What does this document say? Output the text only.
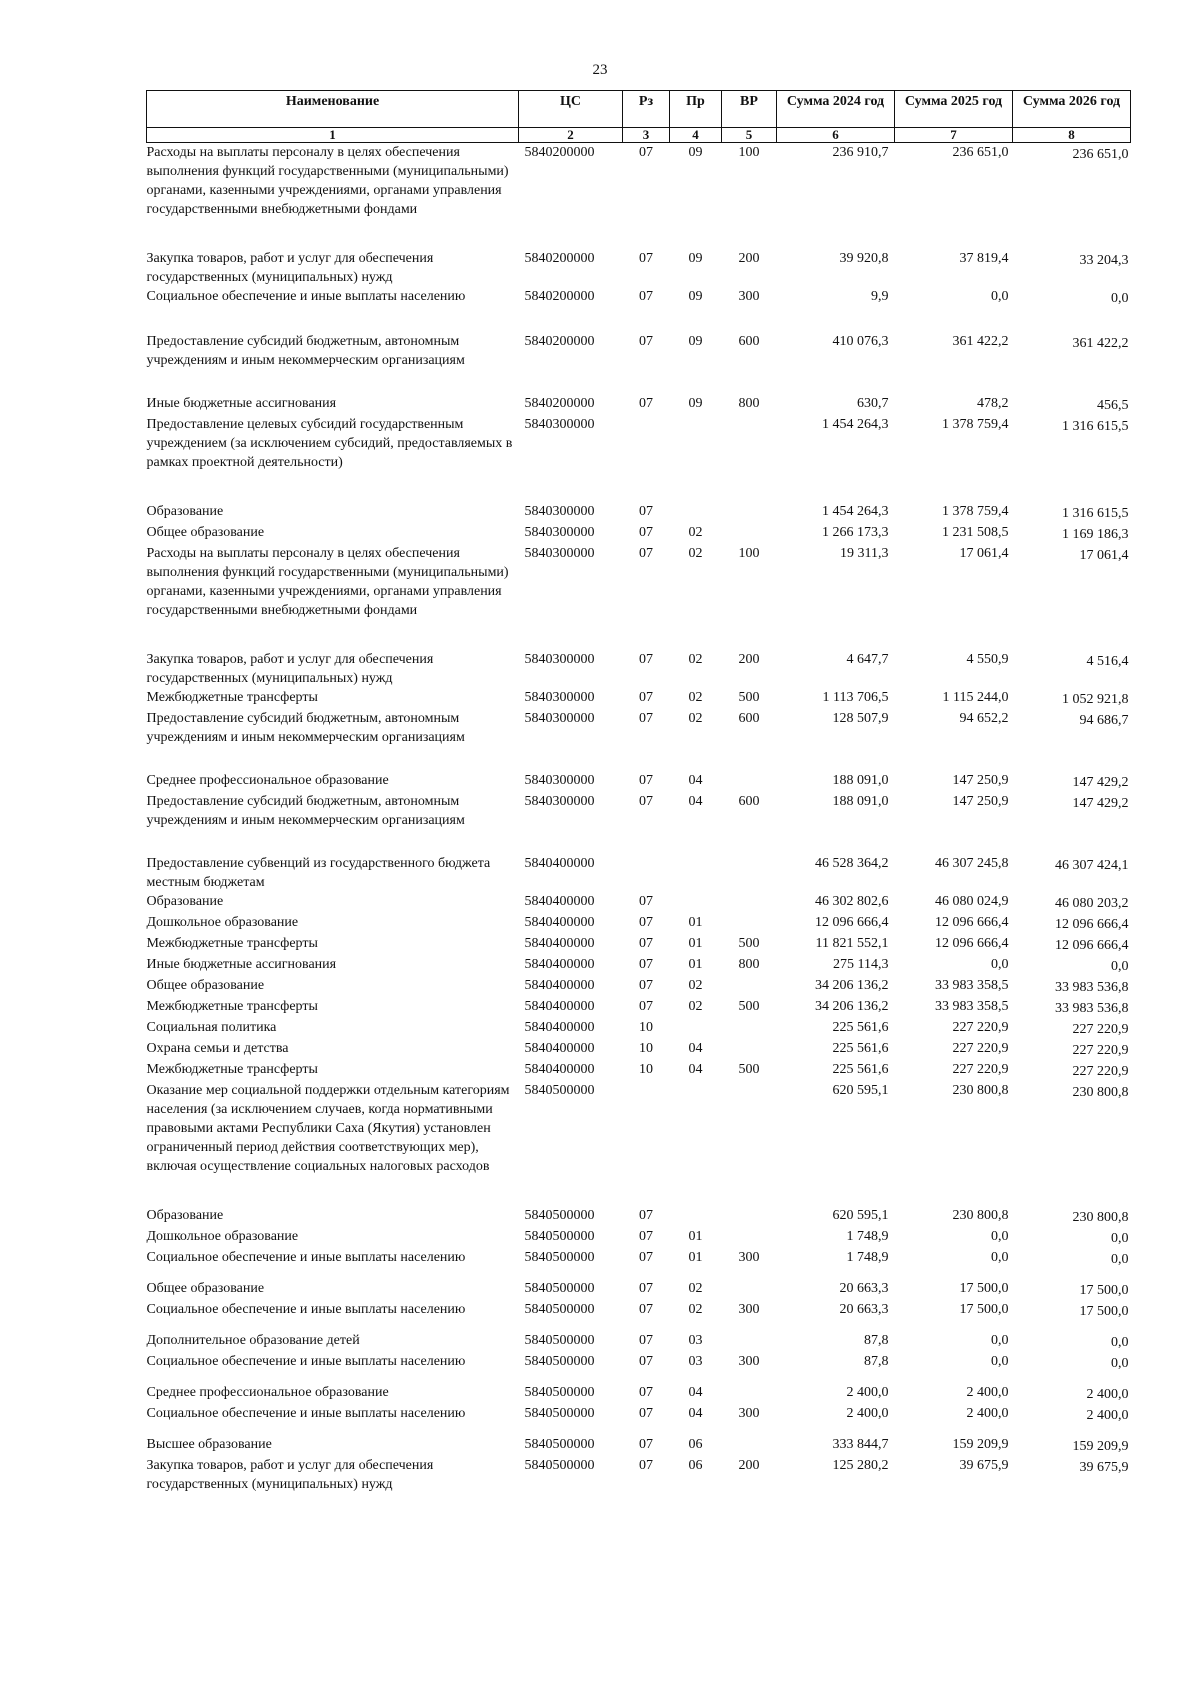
23
Наименование	ЦС	Рз	Пр	ВР	Сумма 2024 год	Сумма 2025 год	Сумма 2026 год
1	2	3	4	5	6	7	8
Расходы на выплаты персоналу в целях обеспечения выполнения функций государственными (муниципальными) органами, казенными учреждениями, органами управления государственными внебюджетными фондами	5840200000	07	09	100	236 910,7	236 651,0	236 651,0
Закупка товаров, работ и услуг для обеспечения государственных (муниципальных) нужд	5840200000	07	09	200	39 920,8	37 819,4	33 204,3
Социальное обеспечение и иные выплаты населению	5840200000	07	09	300	9,9	0,0	0,0
Предоставление субсидий бюджетным, автономным учреждениям и иным некоммерческим организациям	5840200000	07	09	600	410 076,3	361 422,2	361 422,2
Иные бюджетные ассигнования	5840200000	07	09	800	630,7	478,2	456,5
Предоставление целевых субсидий государственным учреждением (за исключением субсидий, предоставляемых в рамках проектной деятельности)	5840300000				1 454 264,3	1 378 759,4	1 316 615,5
Образование	5840300000	07			1 454 264,3	1 378 759,4	1 316 615,5
Общее образование	5840300000	07	02		1 266 173,3	1 231 508,5	1 169 186,3
Расходы на выплаты персоналу в целях обеспечения выполнения функций государственными (муниципальными) органами, казенными учреждениями, органами управления государственными внебюджетными фондами	5840300000	07	02	100	19 311,3	17 061,4	17 061,4
Закупка товаров, работ и услуг для обеспечения государственных (муниципальных) нужд	5840300000	07	02	200	4 647,7	4 550,9	4 516,4
Межбюджетные трансферты	5840300000	07	02	500	1 113 706,5	1 115 244,0	1 052 921,8
Предоставление субсидий бюджетным, автономным учреждениям и иным некоммерческим организациям	5840300000	07	02	600	128 507,9	94 652,2	94 686,7
Среднее профессиональное образование	5840300000	07	04		188 091,0	147 250,9	147 429,2
Предоставление субсидий бюджетным, автономным учреждениям и иным некоммерческим организациям	5840300000	07	04	600	188 091,0	147 250,9	147 429,2
Предоставление субвенций из государственного бюджета местным бюджетам	5840400000				46 528 364,2	46 307 245,8	46 307 424,1
Образование	5840400000	07			46 302 802,6	46 080 024,9	46 080 203,2
Дошкольное образование	5840400000	07	01		12 096 666,4	12 096 666,4	12 096 666,4
Межбюджетные трансферты	5840400000	07	01	500	11 821 552,1	12 096 666,4	12 096 666,4
Иные бюджетные ассигнования	5840400000	07	01	800	275 114,3	0,0	0,0
Общее образование	5840400000	07	02		34 206 136,2	33 983 358,5	33 983 536,8
Межбюджетные трансферты	5840400000	07	02	500	34 206 136,2	33 983 358,5	33 983 536,8
Социальная политика	5840400000	10			225 561,6	227 220,9	227 220,9
Охрана семьи и детства	5840400000	10	04		225 561,6	227 220,9	227 220,9
Межбюджетные трансферты	5840400000	10	04	500	225 561,6	227 220,9	227 220,9
Оказание мер социальной поддержки отдельным категориям населения (за исключением случаев, когда нормативными правовыми актами Республики Саха (Якутия) установлен ограниченный период действия соответствующих мер), включая осуществление социальных налоговых расходов	5840500000				620 595,1	230 800,8	230 800,8
Образование	5840500000	07			620 595,1	230 800,8	230 800,8
Дошкольное образование	5840500000	07	01		1 748,9	0,0	0,0
Социальное обеспечение и иные выплаты населению	5840500000	07	01	300	1 748,9	0,0	0,0
Общее образование	5840500000	07	02		20 663,3	17 500,0	17 500,0
Социальное обеспечение и иные выплаты населению	5840500000	07	02	300	20 663,3	17 500,0	17 500,0
Дополнительное образование детей	5840500000	07	03		87,8	0,0	0,0
Социальное обеспечение и иные выплаты населению	5840500000	07	03	300	87,8	0,0	0,0
Среднее профессиональное образование	5840500000	07	04		2 400,0	2 400,0	2 400,0
Социальное обеспечение и иные выплаты населению	5840500000	07	04	300	2 400,0	2 400,0	2 400,0
Высшее образование	5840500000	07	06		333 844,7	159 209,9	159 209,9
Закупка товаров, работ и услуг для обеспечения государственных (муниципальных) нужд	5840500000	07	06	200	125 280,2	39 675,9	39 675,9
